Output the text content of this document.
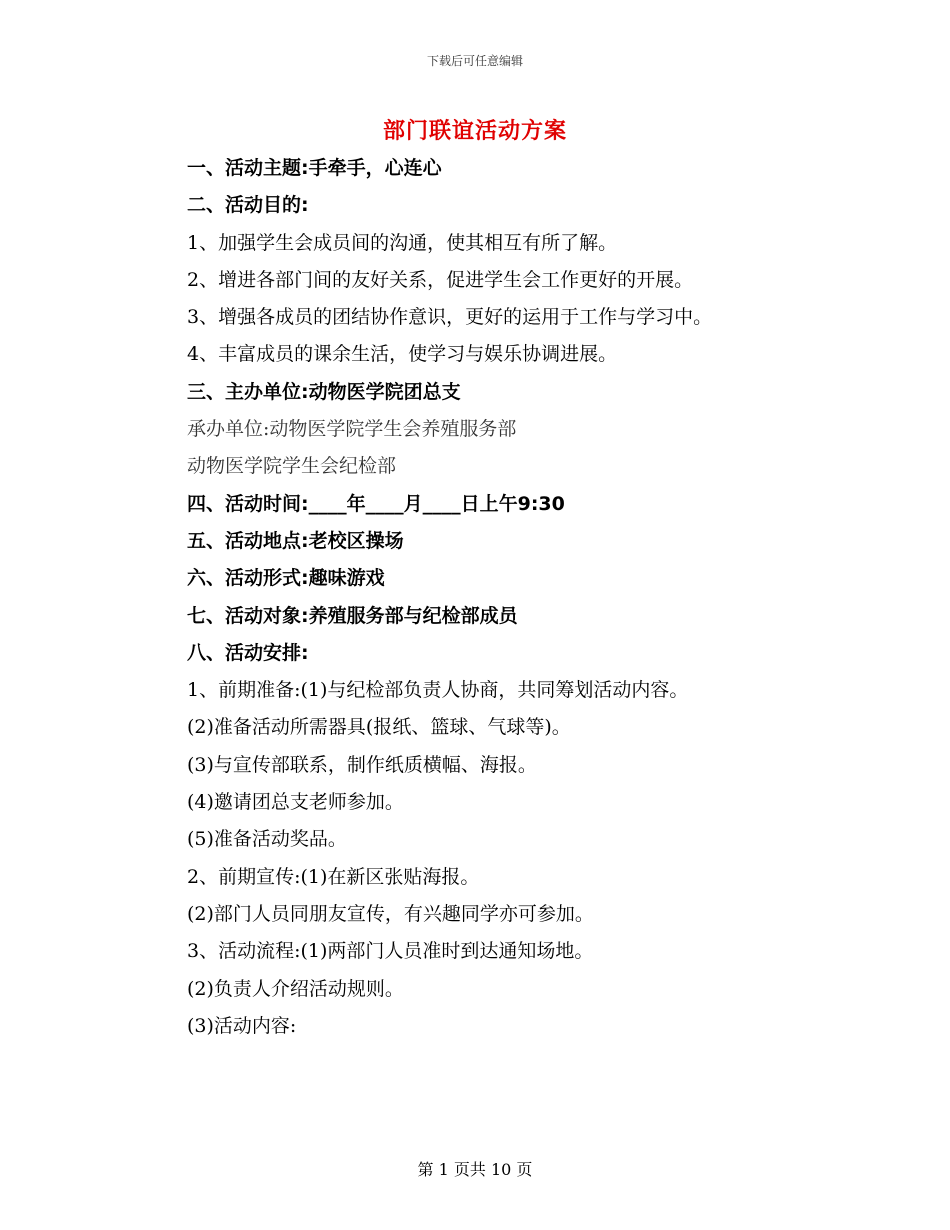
下载后可任意编辑
部门联谊活动方案
一、活动主题:手牵手，心连心
二、活动目的:
1、加强学生会成员间的沟通，使其相互有所了解。
2、增进各部门间的友好关系，促进学生会工作更好的开展。
3、增强各成员的团结协作意识，更好的运用于工作与学习中。
4、丰富成员的课余生活，使学习与娱乐协调进展。
三、主办单位:动物医学院团总支
承办单位:动物医学院学生会养殖服务部
动物医学院学生会纪检部
四、活动时间:____年____月____日上午9:30
五、活动地点:老校区操场
六、活动形式:趣味游戏
七、活动对象:养殖服务部与纪检部成员
八、活动安排:
1、前期准备:(1)与纪检部负责人协商，共同筹划活动内容。
(2)准备活动所需器具(报纸、篮球、气球等)。
(3)与宣传部联系，制作纸质横幅、海报。
(4)邀请团总支老师参加。
(5)准备活动奖品。
2、前期宣传:(1)在新区张贴海报。
(2)部门人员同朋友宣传，有兴趣同学亦可参加。
3、活动流程:(1)两部门人员准时到达通知场地。
(2)负责人介绍活动规则。
(3)活动内容:
第 1 页共 10 页
